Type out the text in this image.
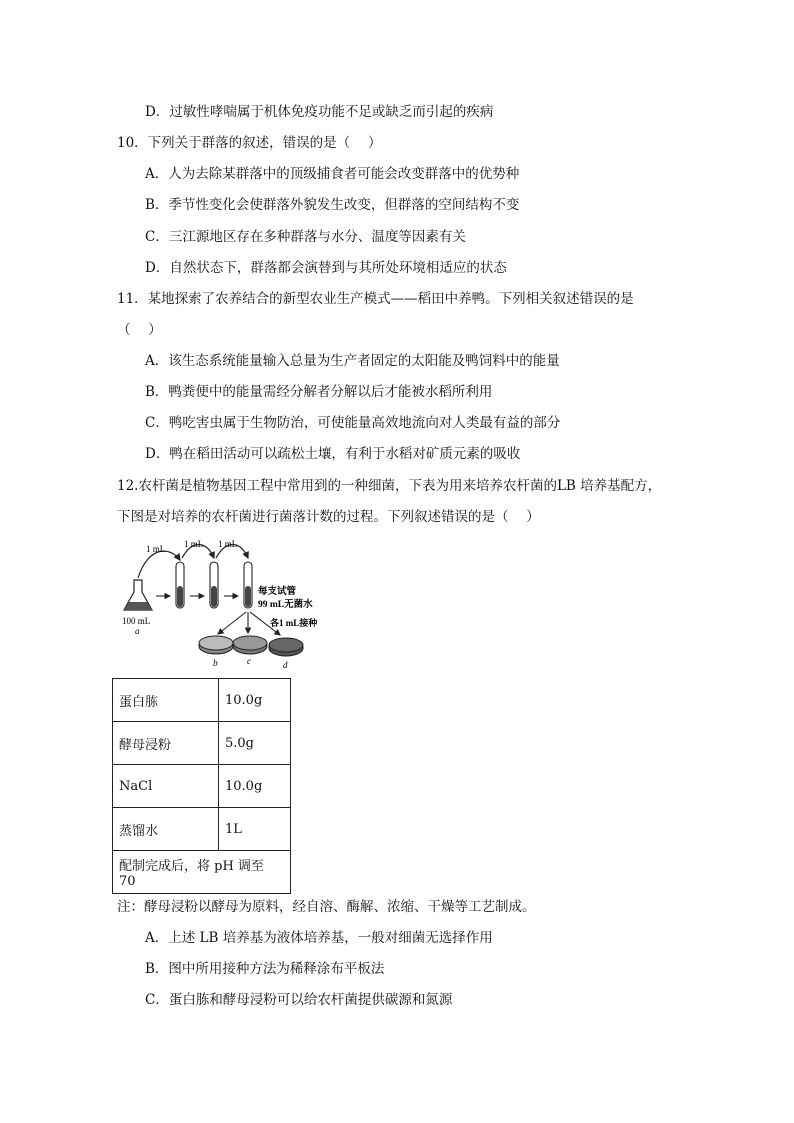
D．过敏性哮喘属于机体免疫功能不足或缺乏而引起的疾病
10．下列关于群落的叙述，错误的是（　 ）
A．人为去除某群落中的顶级捕食者可能会改变群落中的优势种
B．季节性变化会使群落外貌发生改变，但群落的空间结构不变
C．三江源地区存在多种群落与水分、温度等因素有关
D．自然状态下，群落都会演替到与其所处环境相适应的状态
11．某地探索了农养结合的新型农业生产模式——稻田中养鸭。下列相关叙述错误的是
（　 ）
A．该生态系统能量输入总量为生产者固定的太阳能及鸭饲料中的能量
B．鸭粪便中的能量需经分解者分解以后才能被水稻所利用
C．鸭吃害虫属于生物防治，可使能量高效地流向对人类最有益的部分
D．鸭在稻田活动可以疏松土壤，有利于水稻对矿质元素的吸收
12.农杆菌是植物基因工程中常用到的一种细菌，下表为用来培养农杆菌的LB 培养基配方，
下图是对培养的农杆菌进行菌落计数的过程。下列叙述错误的是（　 ）
1 mL 1 mL 1 mL
100 mL
a
每支试管
99 mL无菌水
各1 mL接种
b	c	d
蛋白胨	10.0g
酵母浸粉	5.0g
NaCl	10.0g
蒸馏水	1L
配制完成后，将 pH 调至 70	
注：酵母浸粉以酵母为原料，经自溶、酶解、浓缩、干燥等工艺制成。
A．上述 LB 培养基为液体培养基，一般对细菌无选择作用
B．图中所用接种方法为稀释涂布平板法
C．蛋白胨和酵母浸粉可以给农杆菌提供碳源和氮源
